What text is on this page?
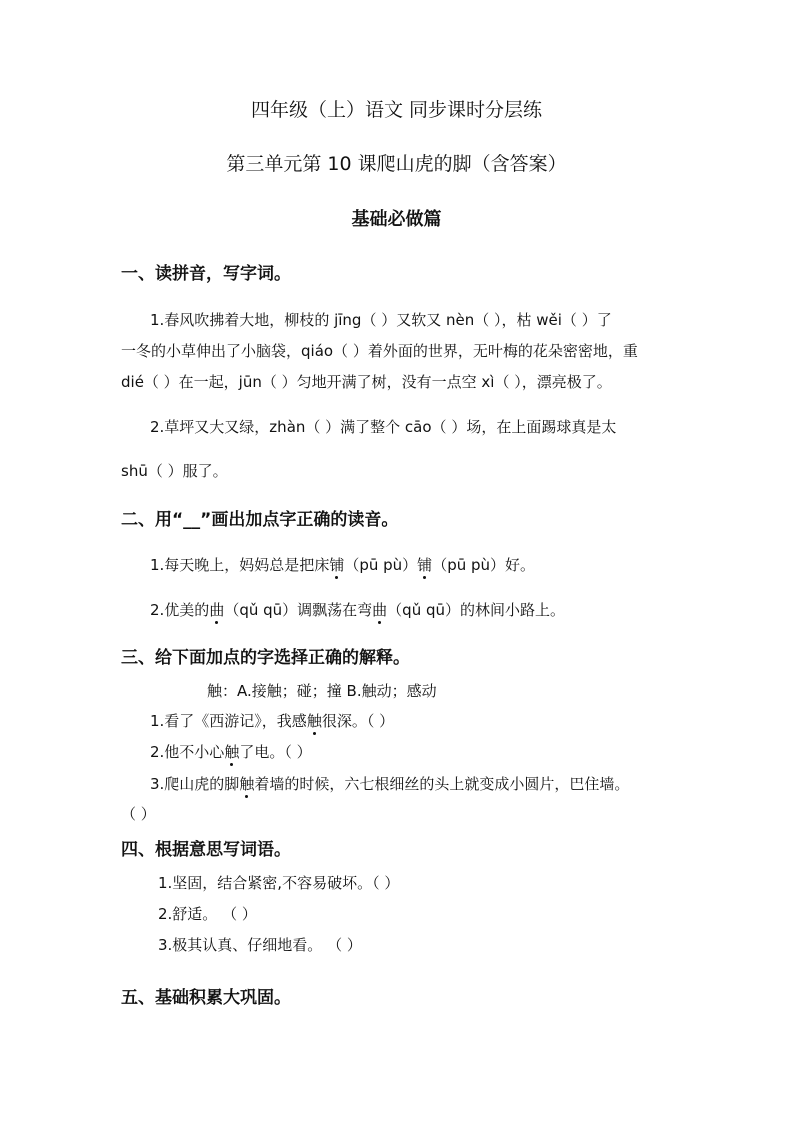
四年级（上）语文 同步课时分层练
第三单元第 10 课爬山虎的脚（含答案）
基础必做篇
一、读拼音，写字词。
1.春风吹拂着大地，柳枝的 jīng（ ）又软又 nèn（ ），枯 wěi（ ）了
一冬的小草伸出了小脑袋，qiáo（ ）着外面的世界，无叶梅的花朵密密地，重
dié（ ）在一起，jūn（ ）匀地开满了树，没有一点空 xì（ ），漂亮极了。
2.草坪又大又绿，zhàn（ ）满了整个 cāo（ ）场，在上面踢球真是太
shū（ ）服了。
二、用“__”画出加点字正确的读音。
1.每天晚上，妈妈总是把床铺（pū pù）铺（pū pù）好。
2.优美的曲（qǔ qū）调飘荡在弯曲（qǔ qū）的林间小路上。
三、给下面加点的字选择正确的解释。
触：A.接触；碰；撞 B.触动；感动
1.看了《西游记》，我感触很深。（ ）
2.他不小心触了电。（ ）
3.爬山虎的脚触着墙的时候，六七根细丝的头上就变成小圆片，巴住墙。
（ ）
四、根据意思写词语。
1.坚固，结合紧密,不容易破坏。（ ）
2.舒适。 （ ）
3.极其认真、仔细地看。 （ ）
五、基础积累大巩固。
